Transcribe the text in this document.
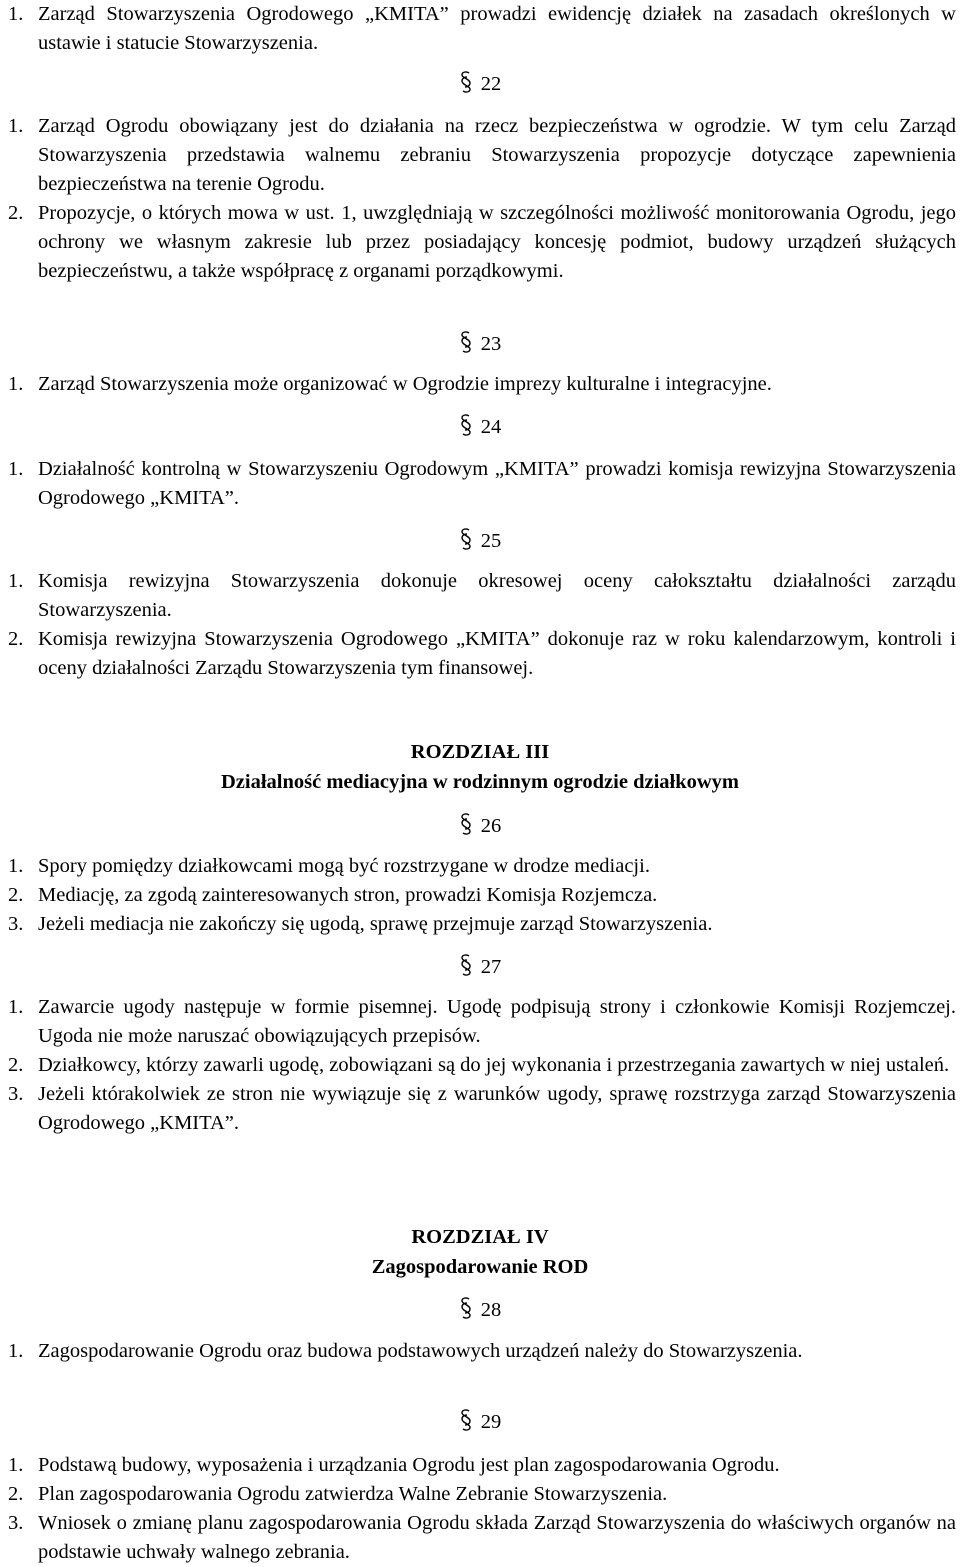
1. Zarząd Stowarzyszenia Ogrodowego „KMITA” prowadzi ewidencję działek na zasadach określonych w ustawie i statucie Stowarzyszenia.
22
1. Zarząd Ogrodu obowiązany jest do działania na rzecz bezpieczeństwa w ogrodzie. W tym celu Zarząd Stowarzyszenia przedstawia walnemu zebraniu Stowarzyszenia propozycje dotyczące zapewnienia bezpieczeństwa na terenie Ogrodu.
2. Propozycje, o których mowa w ust. 1, uwzględniają w szczególności możliwość monitorowania Ogrodu, jego ochrony we własnym zakresie lub przez posiadający koncesję podmiot, budowy urządzeń służących bezpieczeństwu, a także współpracę z organami porządkowymi.
23
1. Zarząd Stowarzyszenia może organizować w Ogrodzie imprezy kulturalne i integracyjne.
24
1. Działalność kontrolną w Stowarzyszeniu Ogrodowym „KMITA” prowadzi komisja rewizyjna Stowarzyszenia Ogrodowego „KMITA”.
25
1. Komisja rewizyjna Stowarzyszenia dokonuje okresowej oceny całokształtu działalności zarządu Stowarzyszenia.
2. Komisja rewizyjna Stowarzyszenia Ogrodowego „KMITA” dokonuje raz w roku kalendarzowym, kontroli i oceny działalności Zarządu Stowarzyszenia tym finansowej.
ROZDZIAŁ III
Działalność mediacyjna w rodzinnym ogrodzie działkowym
26
1. Spory pomiędzy działkowcami mogą być rozstrzygane w drodze mediacji.
2. Mediację, za zgodą zainteresowanych stron, prowadzi Komisja Rozjemcza.
3. Jeżeli mediacja nie zakończy się ugodą, sprawę przejmuje zarząd Stowarzyszenia.
27
1. Zawarcie ugody następuje w formie pisemnej. Ugodę podpisują strony i członkowie Komisji Rozjemczej. Ugoda nie może naruszać obowiązujących przepisów.
2. Działkowcy, którzy zawarli ugodę, zobowiązani są do jej wykonania i przestrzegania zawartych w niej ustaleń.
3. Jeżeli którakolwiek ze stron nie wywiązuje się z warunków ugody, sprawę rozstrzyga zarząd Stowarzyszenia Ogrodowego „KMITA”.
ROZDZIAŁ IV
Zagospodarowanie ROD
28
1. Zagospodarowanie Ogrodu oraz budowa podstawowych urządzeń należy do Stowarzyszenia.
29
1. Podstawą budowy, wyposażenia i urządzania Ogrodu jest plan zagospodarowania Ogrodu.
2. Plan zagospodarowania Ogrodu zatwierdza Walne Zebranie Stowarzyszenia.
3. Wniosek o zmianę planu zagospodarowania Ogrodu składa Zarząd Stowarzyszenia do właściwych organów na podstawie uchwały walnego zebrania.
